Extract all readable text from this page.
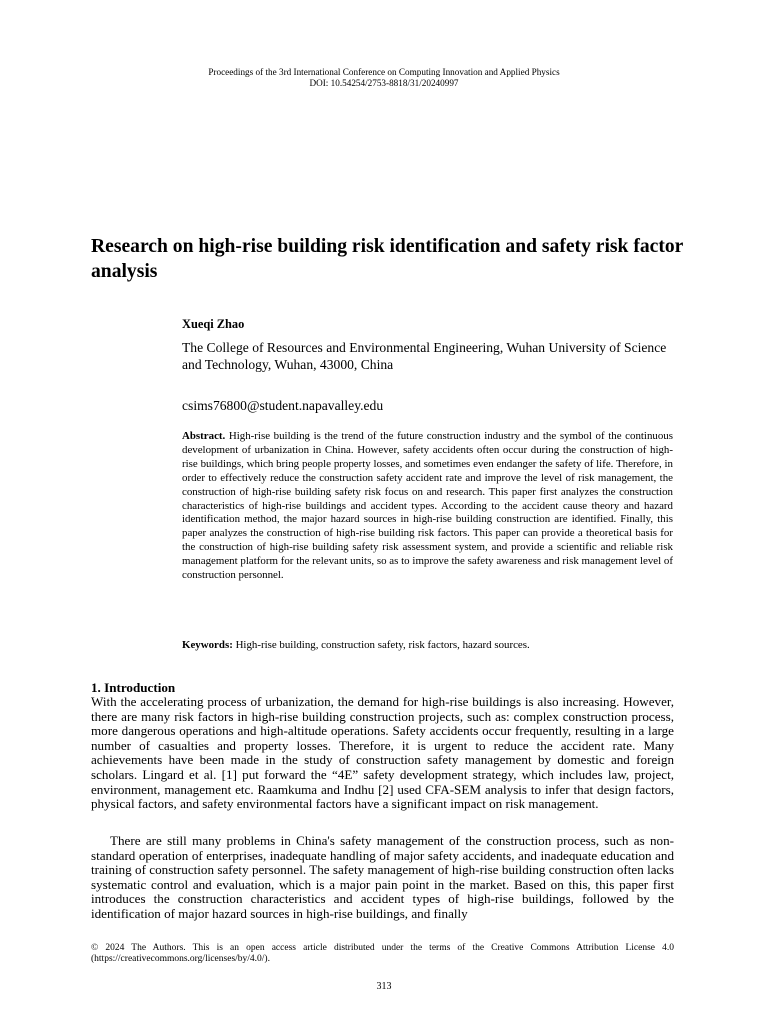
Proceedings of the 3rd International Conference on Computing Innovation and Applied Physics
DOI: 10.54254/2753-8818/31/20240997
Research on high-rise building risk identification and safety risk factor analysis
Xueqi Zhao
The College of Resources and Environmental Engineering, Wuhan University of Science and Technology, Wuhan, 43000, China
csims76800@student.napavalley.edu

Abstract. High-rise building is the trend of the future construction industry and the symbol of the continuous development of urbanization in China. However, safety accidents often occur during the construction of high-rise buildings, which bring people property losses, and sometimes even endanger the safety of life. Therefore, in order to effectively reduce the construction safety accident rate and improve the level of risk management, the construction of high-rise building safety risk focus on and research. This paper first analyzes the construction characteristics of high-rise buildings and accident types. According to the accident cause theory and hazard identification method, the major hazard sources in high-rise building construction are identified. Finally, this paper analyzes the construction of high-rise building risk factors. This paper can provide a theoretical basis for the construction of high-rise building safety risk assessment system, and provide a scientific and reliable risk management platform for the relevant units, so as to improve the safety awareness and risk management level of construction personnel.

Keywords: High-rise building, construction safety, risk factors, hazard sources.

1. Introduction

With the accelerating process of urbanization, the demand for high-rise buildings is also increasing. However, there are many risk factors in high-rise building construction projects, such as: complex construction process, more dangerous operations and high-altitude operations. Safety accidents occur frequently, resulting in a large number of casualties and property losses. Therefore, it is urgent to reduce the accident rate. Many achievements have been made in the study of construction safety management by domestic and foreign scholars. Lingard et al. [1] put forward the “4E” safety development strategy, which includes law, project, environment, management etc. Raamkuma and Indhu [2] used CFA-SEM analysis to infer that design factors, physical factors, and safety environmental factors have a significant impact on risk management.

There are still many problems in China's safety management of the construction process, such as non-standard operation of enterprises, inadequate handling of major safety accidents, and inadequate education and training of construction safety personnel. The safety management of high-rise building construction often lacks systematic control and evaluation, which is a major pain point in the market. Based on this, this paper first introduces the construction characteristics and accident types of high-rise buildings, followed by the identification of major hazard sources in high-rise buildings, and finally

© 2024 The Authors. This is an open access article distributed under the terms of the Creative Commons Attribution License 4.0 (https://creativecommons.org/licenses/by/4.0/).

313
